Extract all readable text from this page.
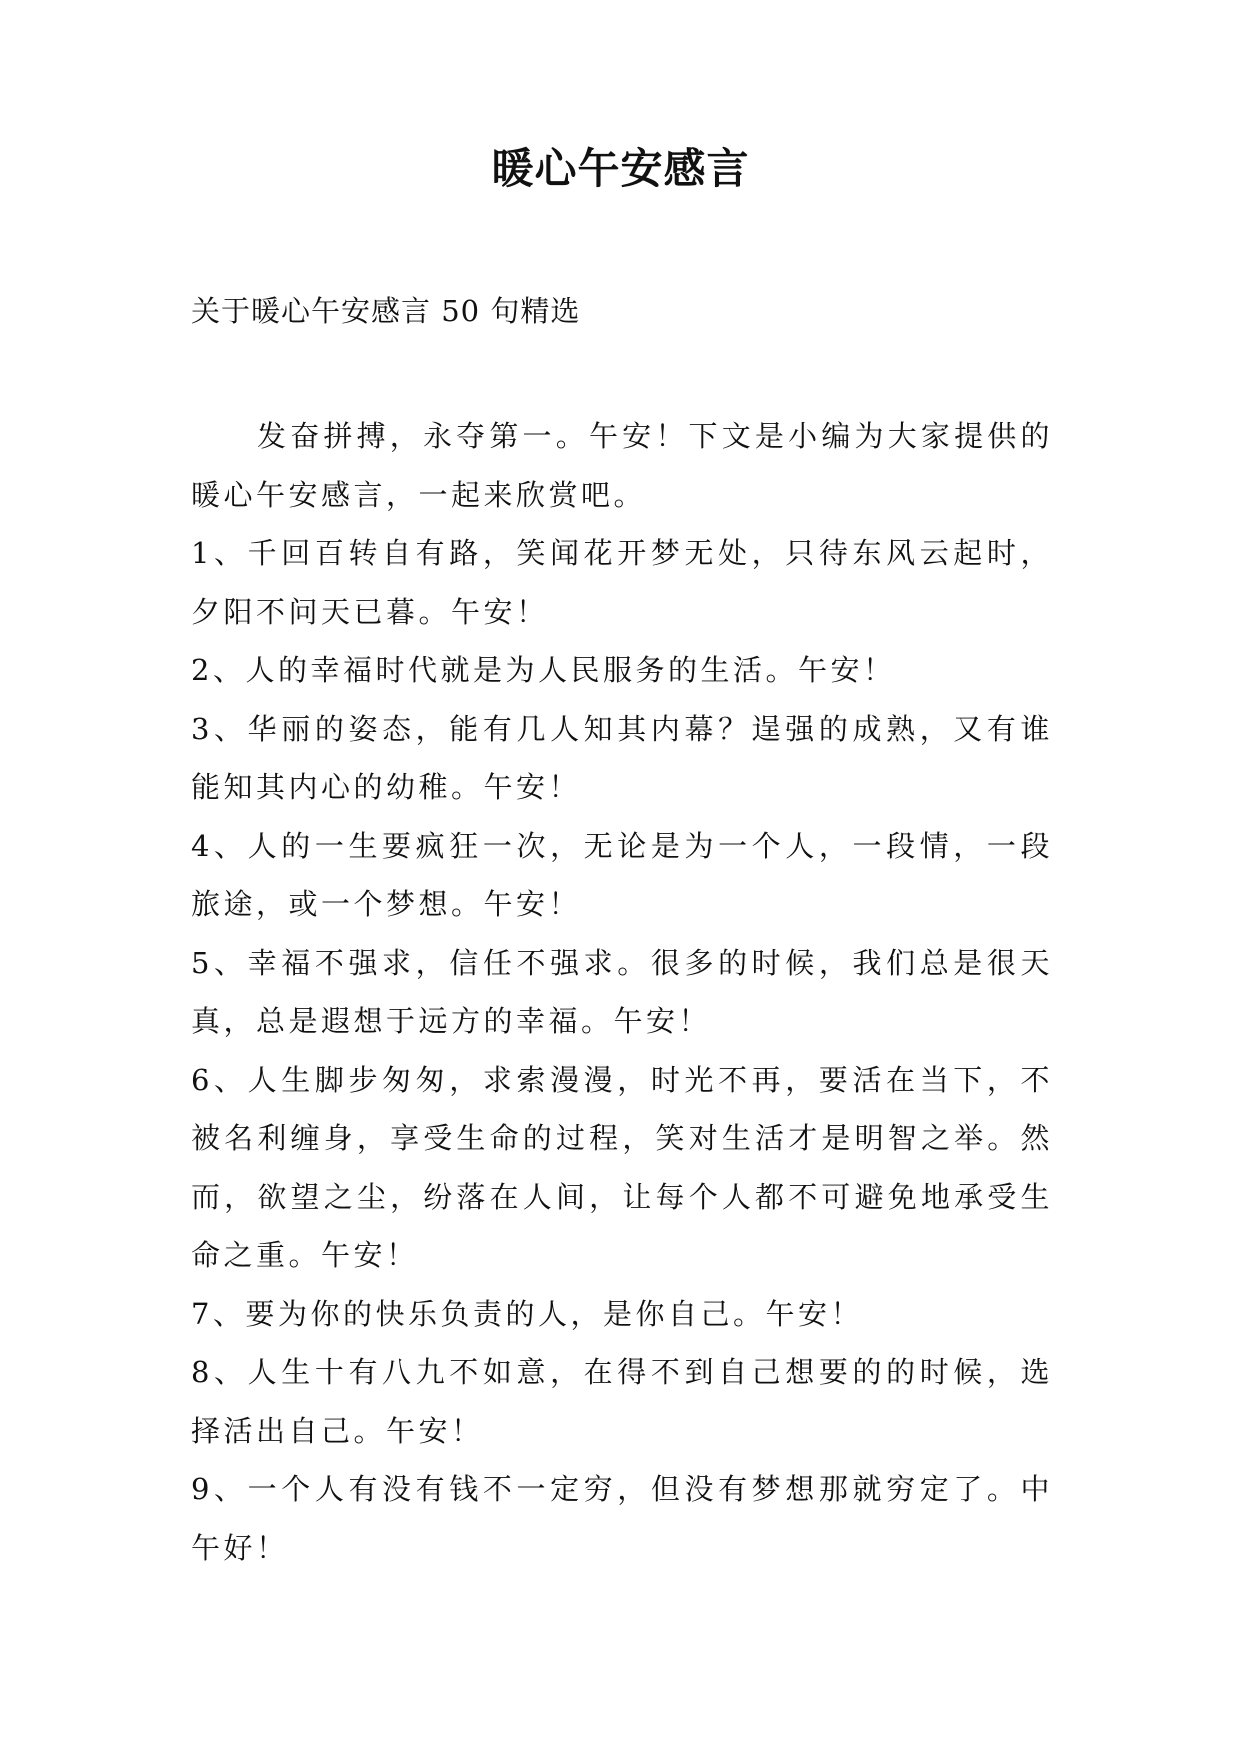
暖心午安感言

关于暖心午安感言 50 句精选

发奋拼搏，永夺第一。午安！下文是小编为大家提供的暖心午安感言，一起来欣赏吧。

1、千回百转自有路，笑闻花开梦无处，只待东风云起时，夕阳不问天已暮。午安！

2、人的幸福时代就是为人民服务的生活。午安！

3、华丽的姿态，能有几人知其内幕？逞强的成熟，又有谁能知其内心的幼稚。午安！

4、人的一生要疯狂一次，无论是为一个人，一段情，一段旅途，或一个梦想。午安！

5、幸福不强求，信任不强求。很多的时候，我们总是很天真，总是遐想于远方的幸福。午安！

6、人生脚步匆匆，求索漫漫，时光不再，要活在当下，不被名利缠身，享受生命的过程，笑对生活才是明智之举。然而，欲望之尘，纷落在人间，让每个人都不可避免地承受生命之重。午安！

7、要为你的快乐负责的人，是你自己。午安！

8、人生十有八九不如意，在得不到自己想要的的时候，选择活出自己。午安！

9、一个人有没有钱不一定穷，但没有梦想那就穷定了。中午好！
